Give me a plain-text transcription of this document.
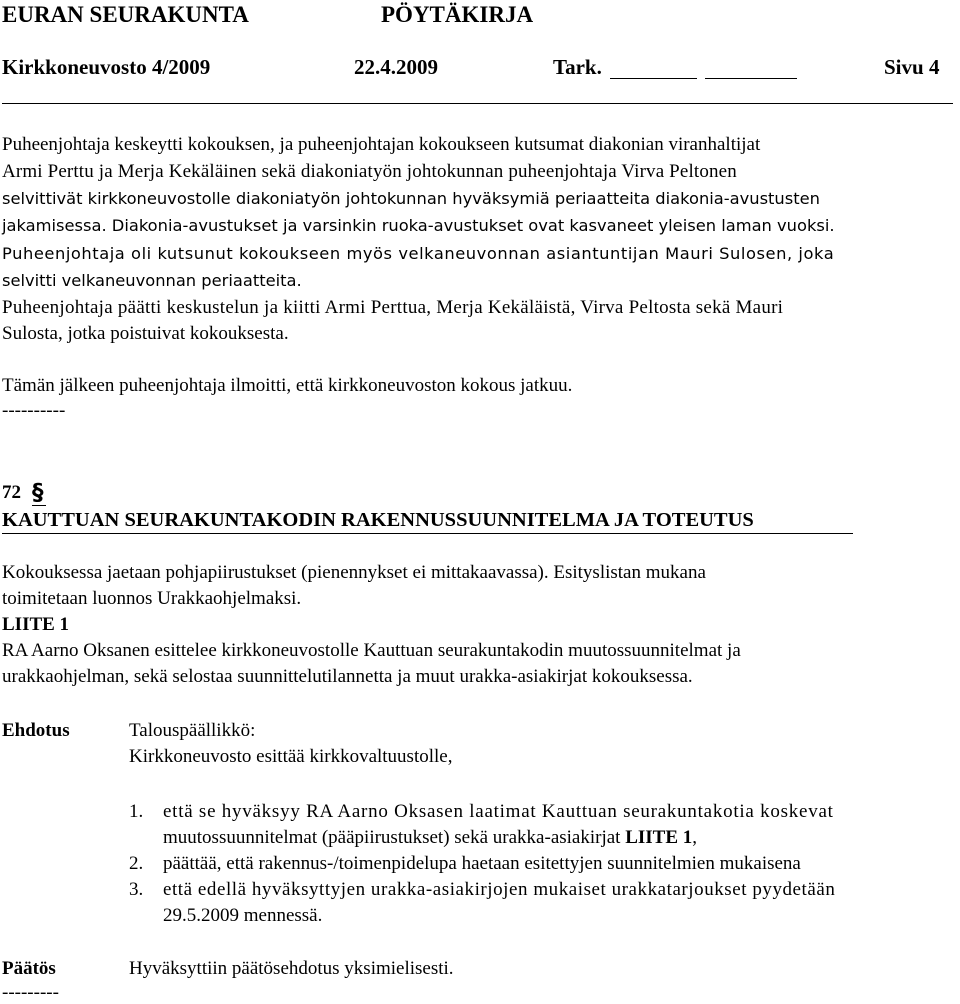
EURAN SEURAKUNTA	PÖYTÄKIRJA
Kirkkoneuvosto 4/2009	22.4.2009	Tark.	Sivu 4
Puheenjohtaja keskeytti kokouksen, ja puheenjohtajan kokoukseen kutsumat diakonian viranhaltijat
Armi Perttu ja Merja Kekäläinen sekä diakoniatyön johtokunnan puheenjohtaja Virva Peltonen
selvittivät kirkkoneuvostolle diakoniatyön johtokunnan hyväksymiä periaatteita diakonia-avustusten
jakamisessa. Diakonia-avustukset ja varsinkin ruoka-avustukset ovat kasvaneet yleisen laman vuoksi.
Puheenjohtaja oli kutsunut kokoukseen myös velkaneuvonnan asiantuntijan Mauri Sulosen, joka
selvitti velkaneuvonnan periaatteita.
Puheenjohtaja päätti keskustelun ja kiitti Armi Perttua, Merja Kekäläistä, Virva Peltosta sekä Mauri
Sulosta, jotka poistuivat kokouksesta.
Tämän jälkeen puheenjohtaja ilmoitti, että kirkkoneuvoston kokous jatkuu.
----------
72 §
KAUTTUAN SEURAKUNTAKODIN RAKENNUSSUUNNITELMA JA TOTEUTUS
Kokouksessa jaetaan pohjapiirustukset (pienennykset ei mittakaavassa). Esityslistan mukana
toimitetaan luonnos Urakkaohjelmaksi.
LIITE 1
RA Aarno Oksanen esittelee kirkkoneuvostolle Kauttuan seurakuntakodin muutossuunnitelmat ja
urakkaohjelman, sekä selostaa suunnittelutilannetta ja muut urakka-asiakirjat kokouksessa.
Ehdotus	Talouspäällikkö:
Kirkkoneuvosto esittää kirkkovaltuustolle,
1. että se hyväksyy RA Aarno Oksasen laatimat Kauttuan seurakuntakotia koskevat
muutossuunnitelmat (pääpiirustukset) sekä urakka-asiakirjat LIITE 1,
2. päättää, että rakennus-/toimenpidelupa haetaan esitettyjen suunnitelmien mukaisena
3. että edellä hyväksyttyjen urakka-asiakirjojen mukaiset urakkatarjoukset pyydetään
29.5.2009 mennessä.
Päätös	Hyväksyttiin päätösehdotus yksimielisesti.
---------
